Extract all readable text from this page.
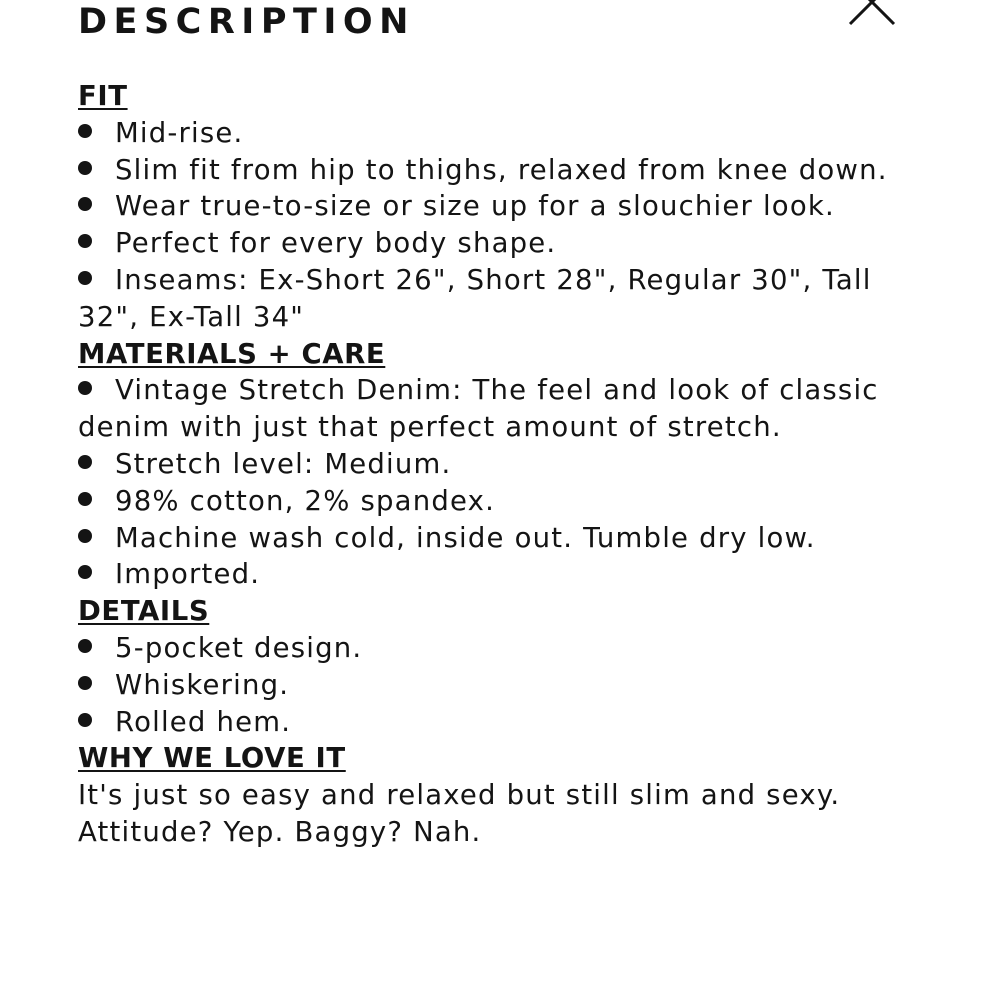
DESCRIPTION
FIT
Mid-rise.
Slim fit from hip to thighs, relaxed from knee down.
Wear true-to-size or size up for a slouchier look.
Perfect for every body shape.
Inseams: Ex-Short 26", Short 28", Regular 30", Tall 32", Ex-Tall 34"
MATERIALS + CARE
Vintage Stretch Denim: The feel and look of classic denim with just that perfect amount of stretch.
Stretch level: Medium.
98% cotton, 2% spandex.
Machine wash cold, inside out. Tumble dry low.
Imported.
DETAILS
5-pocket design.
Whiskering.
Rolled hem.
WHY WE LOVE IT

It's just so easy and relaxed but still slim and sexy. Attitude? Yep. Baggy? Nah.
